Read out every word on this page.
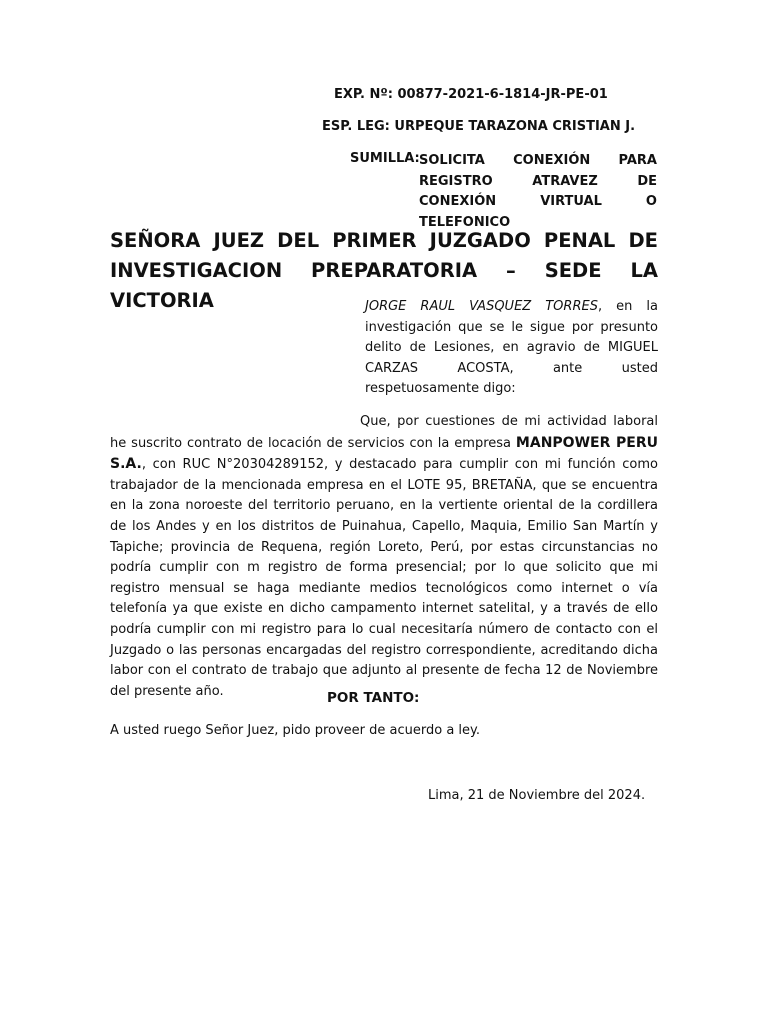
EXP. Nº: 00877-2021-6-1814-JR-PE-01
ESP. LEG: URPEQUE TARAZONA CRISTIAN J.
SUMILLA: SOLICITA CONEXIÓN PARA REGISTRO ATRAVEZ DE CONEXIÓN VIRTUAL O TELEFONICO
SEÑORA JUEZ DEL PRIMER JUZGADO PENAL DE INVESTIGACION PREPARATORIA – SEDE LA VICTORIA	JORGE RAUL VASQUEZ TORRES, en la investigación que se le sigue por presunto delito de Lesiones, en agravio de MIGUEL CARZAS ACOSTA, ante usted respetuosamente digo:
Que, por cuestiones de mi actividad laboral he suscrito contrato de locación de servicios con la empresa MANPOWER PERU S.A., con RUC N°20304289152, y destacado para cumplir con mi función como trabajador de la mencionada empresa en el LOTE 95, BRETAÑA, que se encuentra en la zona noroeste del territorio peruano, en la vertiente oriental de la cordillera de los Andes y en los distritos de Puinahua, Capello, Maquia, Emilio San Martín y Tapiche; provincia de Requena, región Loreto, Perú, por estas circunstancias no podría cumplir con m registro de forma presencial; por lo que solicito que mi registro mensual se haga mediante medios tecnológicos como internet o vía telefonía ya que existe en dicho campamento internet satelital, y a través de ello podría cumplir con mi registro para lo cual necesitaría número de contacto con el Juzgado o las personas encargadas del registro correspondiente, acreditando dicha labor con el contrato de trabajo que adjunto al presente de fecha 12 de Noviembre del presente año.	POR TANTO:
A usted ruego Señor Juez, pido proveer de acuerdo a ley.
Lima, 21 de Noviembre del 2024.
